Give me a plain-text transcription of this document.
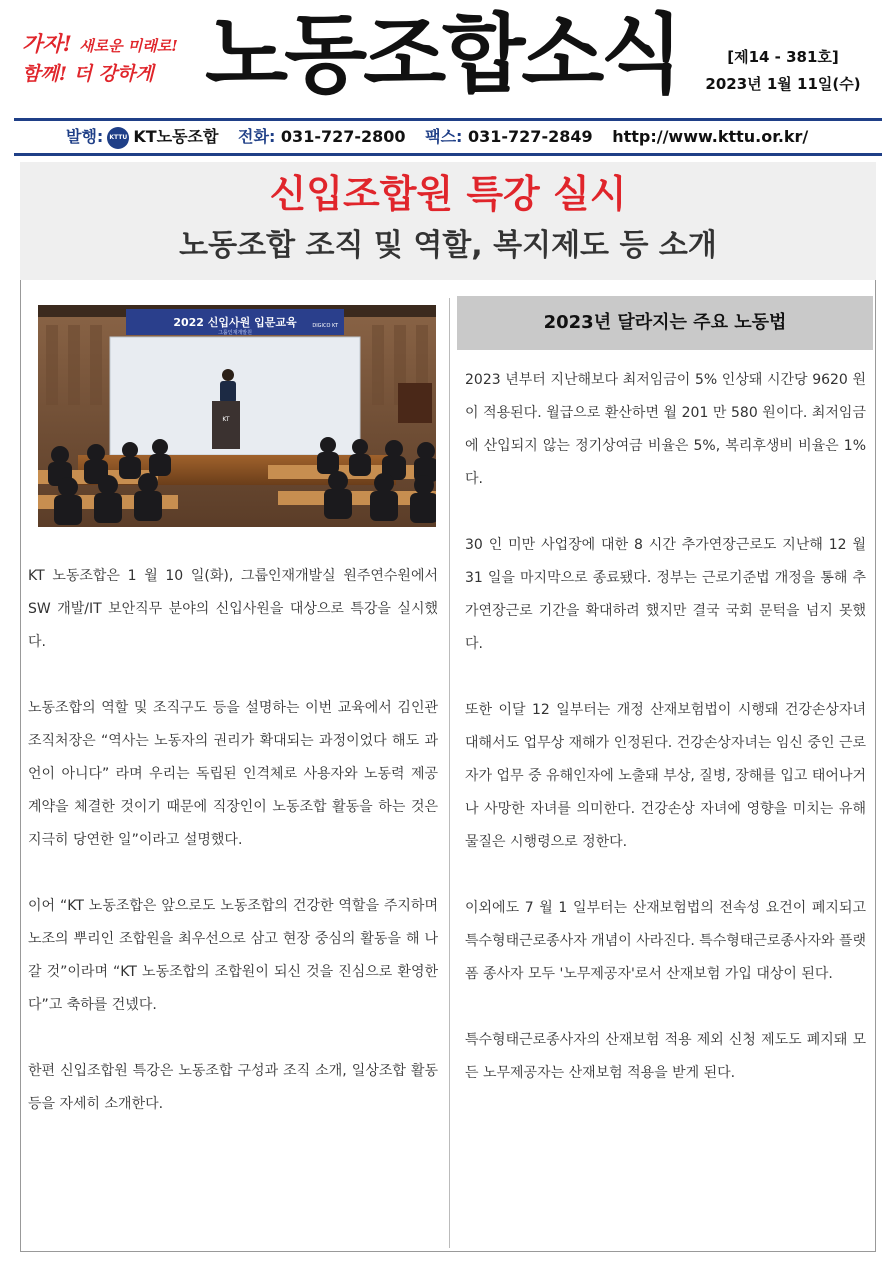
가자! 새로운 미래로!
함께! 더 강하게 노동조합소식	[제14 - 381호]
2023년 1월 11일(수)
발행: KTTU KT노동조합 전화: 031-727-2800 팩스: 031-727-2849 http://www.kttu.or.kr/
신입조합원 특강 실시
노동조합 조직 및 역할, 복지제도 등 소개
2022 신입사원 입문교육
그룹인재개발원
DIGICO KT
KT

KT 노동조합은 1 월 10 일(화), 그룹인재개발실 원주연수원에서 SW 개발/IT 보안직무 분야의 신입사원을 대상으로 특강을 실시했다.

노동조합의 역할 및 조직구도 등을 설명하는 이번 교육에서 김인관 조직처장은 “역사는 노동자의 권리가 확대되는 과정이었다 해도 과언이 아니다” 라며 우리는 독립된 인격체로 사용자와 노동력 제공 계약을 체결한 것이기 때문에 직장인이 노동조합 활동을 하는 것은 지극히 당연한 일”이라고 설명했다.

이어 “KT 노동조합은 앞으로도 노동조합의 건강한 역할을 주지하며 노조의 뿌리인 조합원을 최우선으로 삼고 현장 중심의 활동을 해 나갈 것”이라며 “KT 노동조합의 조합원이 되신 것을 진심으로 환영한다”고 축하를 건넸다.

한편 신입조합원 특강은 노동조합 구성과 조직 소개, 일상조합 활동 등을 자세히 소개한다.

2023년 달라지는 주요 노동법

2023 년부터 지난해보다 최저임금이 5% 인상돼 시간당 9620 원이 적용된다. 월급으로 환산하면 월 201 만 580 원이다. 최저임금에 산입되지 않는 정기상여금 비율은 5%, 복리후생비 비율은 1%다.

30 인 미만 사업장에 대한 8 시간 추가연장근로도 지난해 12 월 31 일을 마지막으로 종료됐다. 정부는 근로기준법 개정을 통해 추가연장근로 기간을 확대하려 했지만 결국 국회 문턱을 넘지 못했다.

또한 이달 12 일부터는 개정 산재보험법이 시행돼 건강손상자녀 대해서도 업무상 재해가 인정된다. 건강손상자녀는 임신 중인 근로자가 업무 중 유해인자에 노출돼 부상, 질병, 장해를 입고 태어나거나 사망한 자녀를 의미한다. 건강손상 자녀에 영향을 미치는 유해물질은 시행령으로 정한다.

이외에도 7 월 1 일부터는 산재보험법의 전속성 요건이 폐지되고 특수형태근로종사자 개념이 사라진다. 특수형태근로종사자와 플랫폼 종사자 모두 '노무제공자'로서 산재보험 가입 대상이 된다.

특수형태근로종사자의 산재보험 적용 제외 신청 제도도 폐지돼 모든 노무제공자는 산재보험 적용을 받게 된다.
